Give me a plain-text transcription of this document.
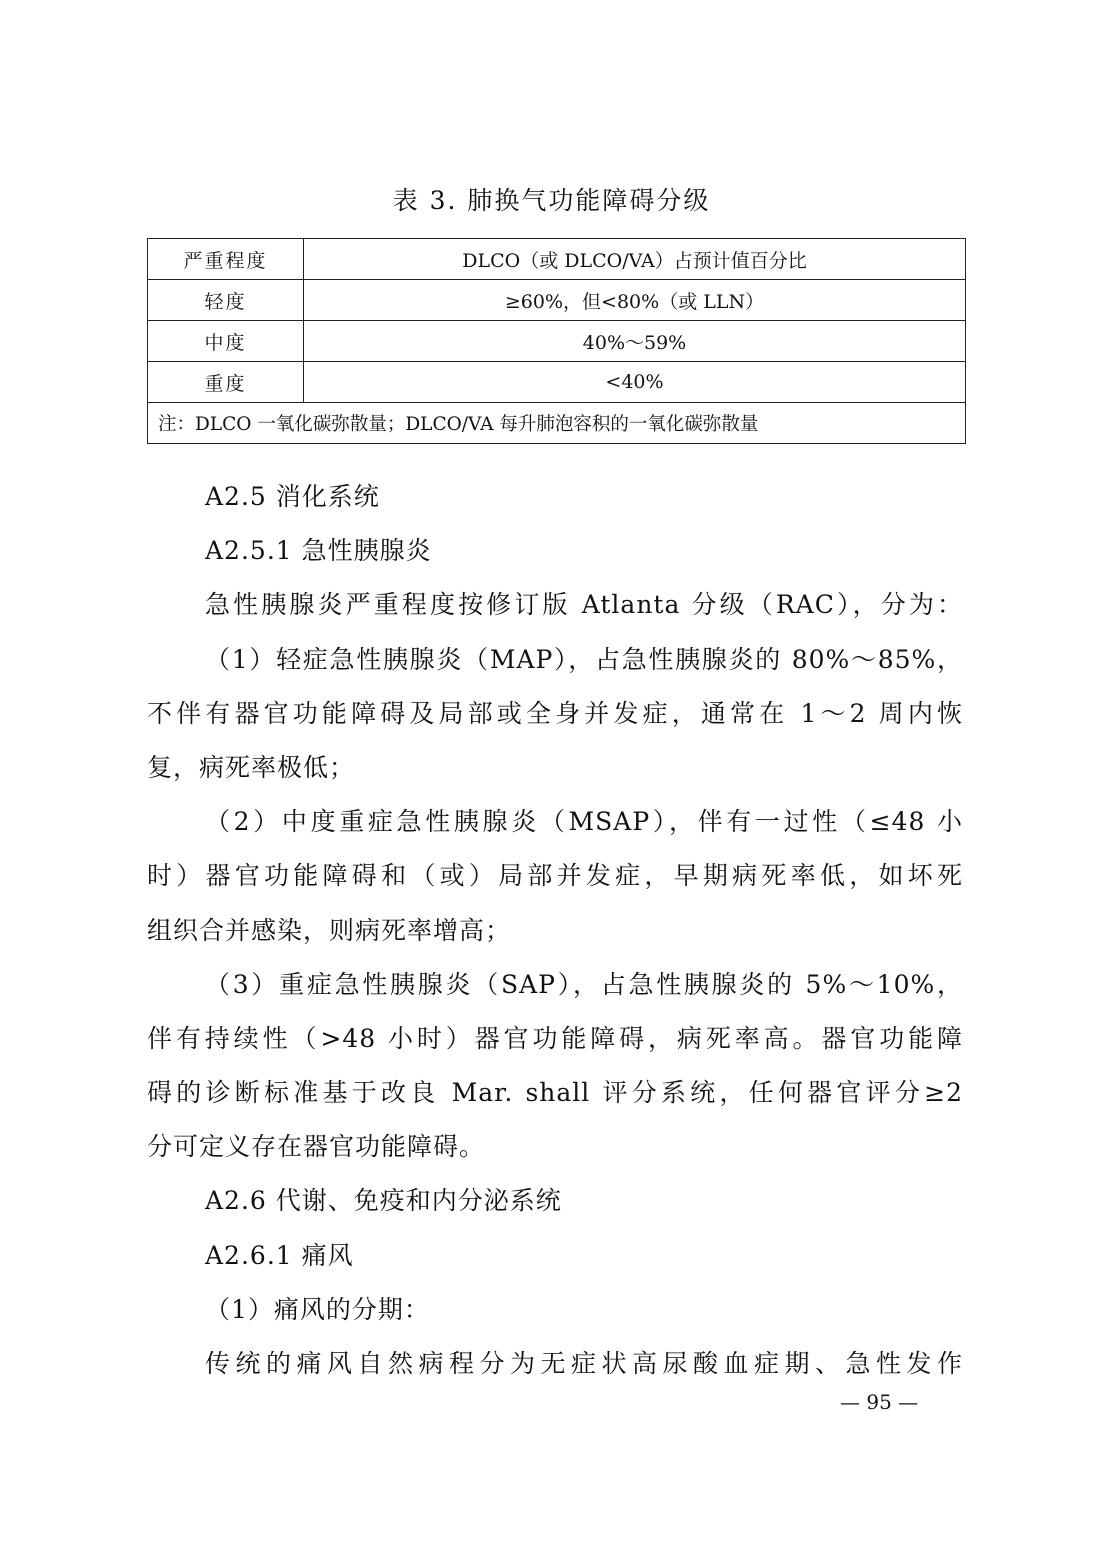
表 3. 肺换气功能障碍分级
严重程度	DLCO（或 DLCO/VA）占预计值百分比
轻度	≥60%，但<80%（或 LLN）
中度	40%～59%
重度	<40%
注：DLCO 一氧化碳弥散量；DLCO/VA 每升肺泡容积的一氧化碳弥散量	
A2.5 消化系统
A2.5.1 急性胰腺炎
急性胰腺炎严重程度按修订版 Atlanta 分级（RAC），分为：
（1）轻症急性胰腺炎（MAP），占急性胰腺炎的 80%～85%，
不伴有器官功能障碍及局部或全身并发症，通常在 1～2 周内恢
复，病死率极低；
（2）中度重症急性胰腺炎（MSAP），伴有一过性（≤48 小
时）器官功能障碍和（或）局部并发症，早期病死率低，如坏死
组织合并感染，则病死率增高；
（3）重症急性胰腺炎（SAP），占急性胰腺炎的 5%～10%，
伴有持续性（>48 小时）器官功能障碍，病死率高。器官功能障
碍的诊断标准基于改良 Mar. shall 评分系统，任何器官评分≥2
分可定义存在器官功能障碍。
A2.6 代谢、免疫和内分泌系统
A2.6.1 痛风
（1）痛风的分期：
传统的痛风自然病程分为无症状高尿酸血症期、急性发作
— 95 —
